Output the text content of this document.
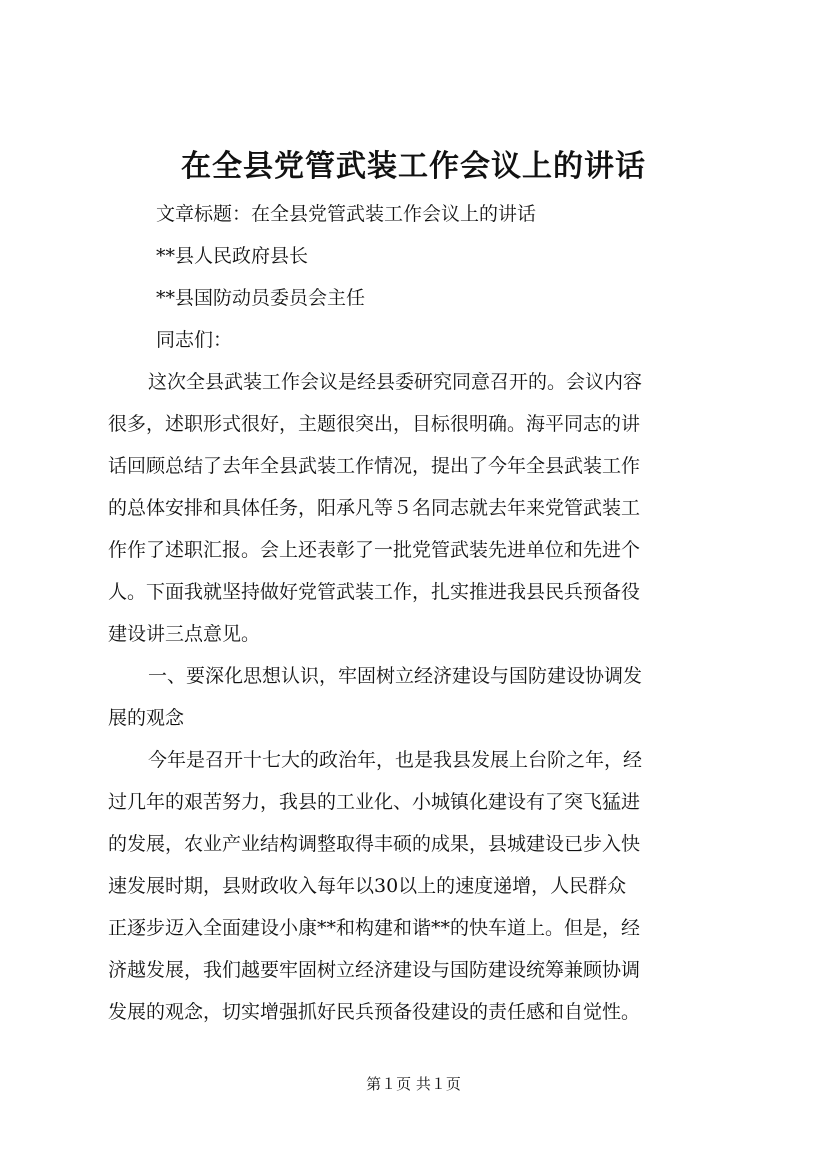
在全县党管武装工作会议上的讲话
文章标题：在全县党管武装工作会议上的讲话
**县人民政府县长
**县国防动员委员会主任
同志们：
这次全县武装工作会议是经县委研究同意召开的。会议内容
很多，述职形式很好，主题很突出，目标很明确。海平同志的讲
话回顾总结了去年全县武装工作情况，提出了今年全县武装工作
的总体安排和具体任务，阳承凡等５名同志就去年来党管武装工
作作了述职汇报。会上还表彰了一批党管武装先进单位和先进个
人。下面我就坚持做好党管武装工作，扎实推进我县民兵预备役
建设讲三点意见。
一、要深化思想认识，牢固树立经济建设与国防建设协调发
展的观念
今年是召开十七大的政治年，也是我县发展上台阶之年，经
过几年的艰苦努力，我县的工业化、小城镇化建设有了突飞猛进
的发展，农业产业结构调整取得丰硕的成果，县城建设已步入快
速发展时期，县财政收入每年以30以上的速度递增，人民群众
正逐步迈入全面建设小康**和构建和谐**的快车道上。但是，经
济越发展，我们越要牢固树立经济建设与国防建设统筹兼顾协调
发展的观念，切实增强抓好民兵预备役建设的责任感和自觉性。
第１页 共１页
